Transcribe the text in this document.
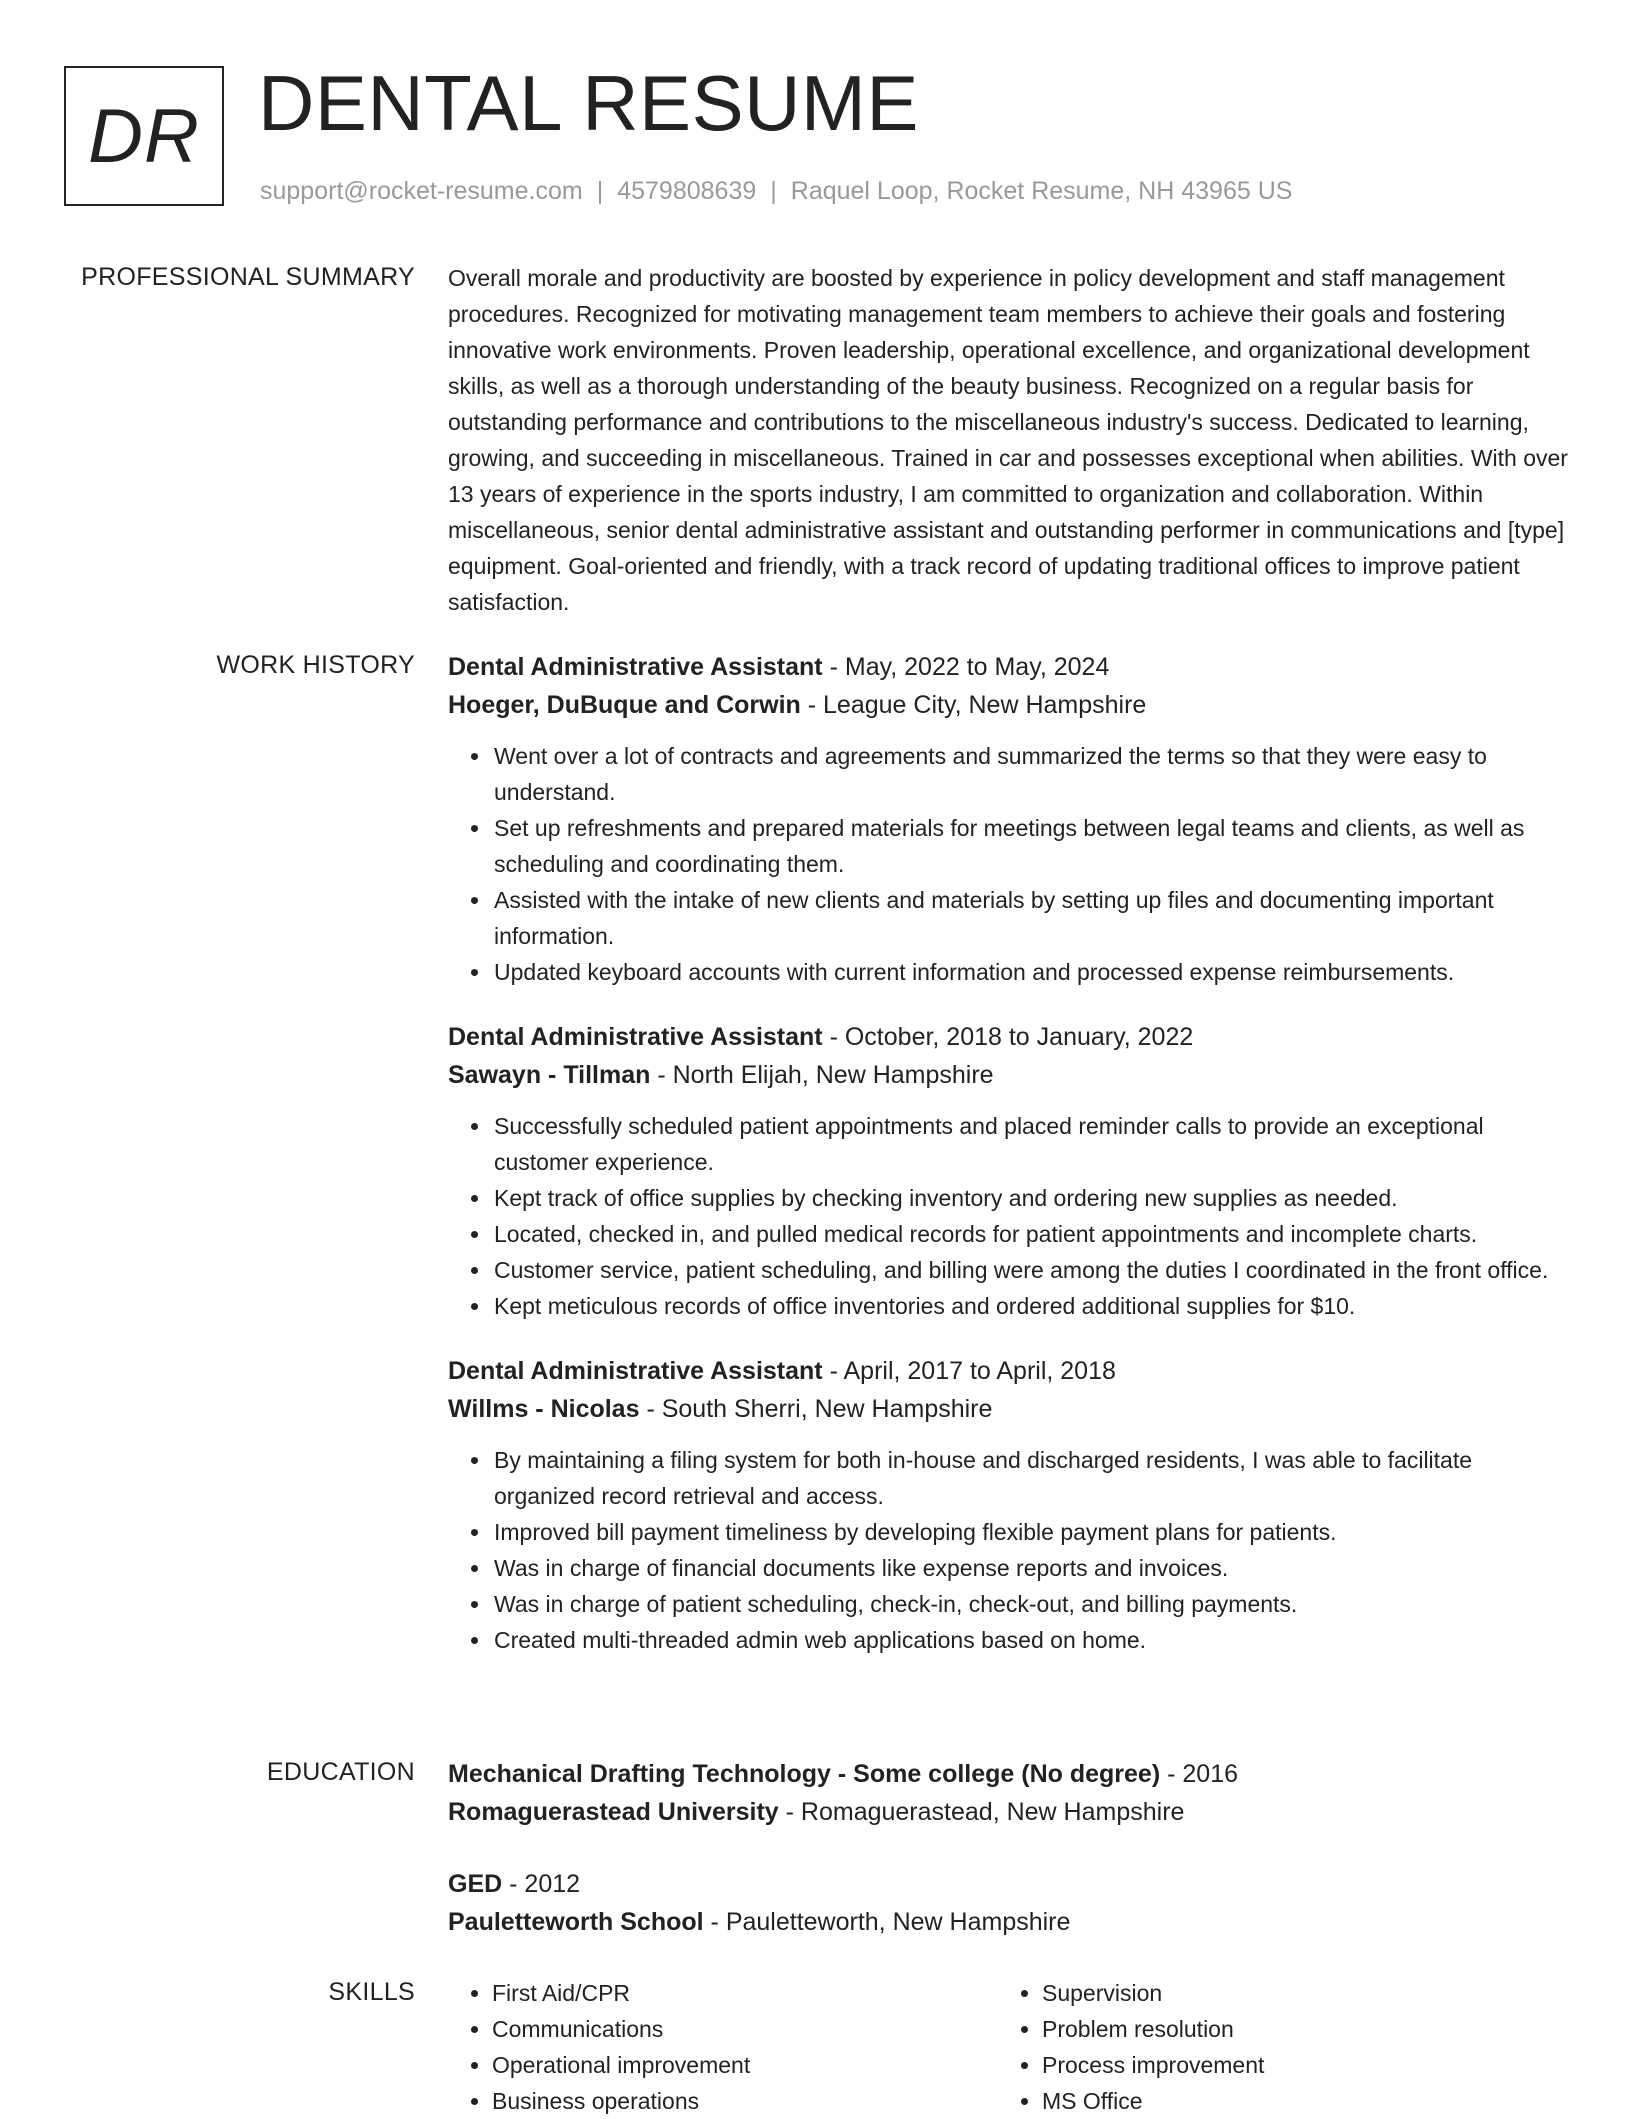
DR DENTAL RESUME
support@rocket-resume.com | 4579808639 | Raquel Loop, Rocket Resume, NH 43965 US
PROFESSIONAL SUMMARY Overall morale and productivity are boosted by experience in policy development and staff management procedures. Recognized for motivating management team members to achieve their goals and fostering innovative work environments. Proven leadership, operational excellence, and organizational development skills, as well as a thorough understanding of the beauty business. Recognized on a regular basis for outstanding performance and contributions to the miscellaneous industry's success. Dedicated to learning, growing, and succeeding in miscellaneous. Trained in car and possesses exceptional when abilities. With over 13 years of experience in the sports industry, I am committed to organization and collaboration. Within miscellaneous, senior dental administrative assistant and outstanding performer in communications and [type] equipment. Goal-oriented and friendly, with a track record of updating traditional offices to improve patient satisfaction.

WORK HISTORY Dental Administrative Assistant - May, 2022 to May, 2024
Hoeger, DuBuque and Corwin - League City, New Hampshire
• Went over a lot of contracts and agreements and summarized the terms so that they were easy to understand.
• Set up refreshments and prepared materials for meetings between legal teams and clients, as well as scheduling and coordinating them.
• Assisted with the intake of new clients and materials by setting up files and documenting important information.
• Updated keyboard accounts with current information and processed expense reimbursements.
Dental Administrative Assistant - October, 2018 to January, 2022
Sawayn - Tillman - North Elijah, New Hampshire
• Successfully scheduled patient appointments and placed reminder calls to provide an exceptional customer experience.
• Kept track of office supplies by checking inventory and ordering new supplies as needed.
• Located, checked in, and pulled medical records for patient appointments and incomplete charts.
• Customer service, patient scheduling, and billing were among the duties I coordinated in the front office.
• Kept meticulous records of office inventories and ordered additional supplies for $10.
Dental Administrative Assistant - April, 2017 to April, 2018
Willms - Nicolas - South Sherri, New Hampshire
• By maintaining a filing system for both in-house and discharged residents, I was able to facilitate organized record retrieval and access.
• Improved bill payment timeliness by developing flexible payment plans for patients.
• Was in charge of financial documents like expense reports and invoices.
• Was in charge of patient scheduling, check-in, check-out, and billing payments.
• Created multi-threaded admin web applications based on home.
EDUCATION Mechanical Drafting Technology - Some college (No degree) - 2016
Romaguerastead University - Romaguerastead, New Hampshire
GED - 2012
Pauletteworth School - Pauletteworth, New Hampshire
SKILLS
•	First Aid/CPR
• Communications
• Operational improvement
• Business operations
• Supervision
• Problem resolution
• Process improvement
• MS Office
